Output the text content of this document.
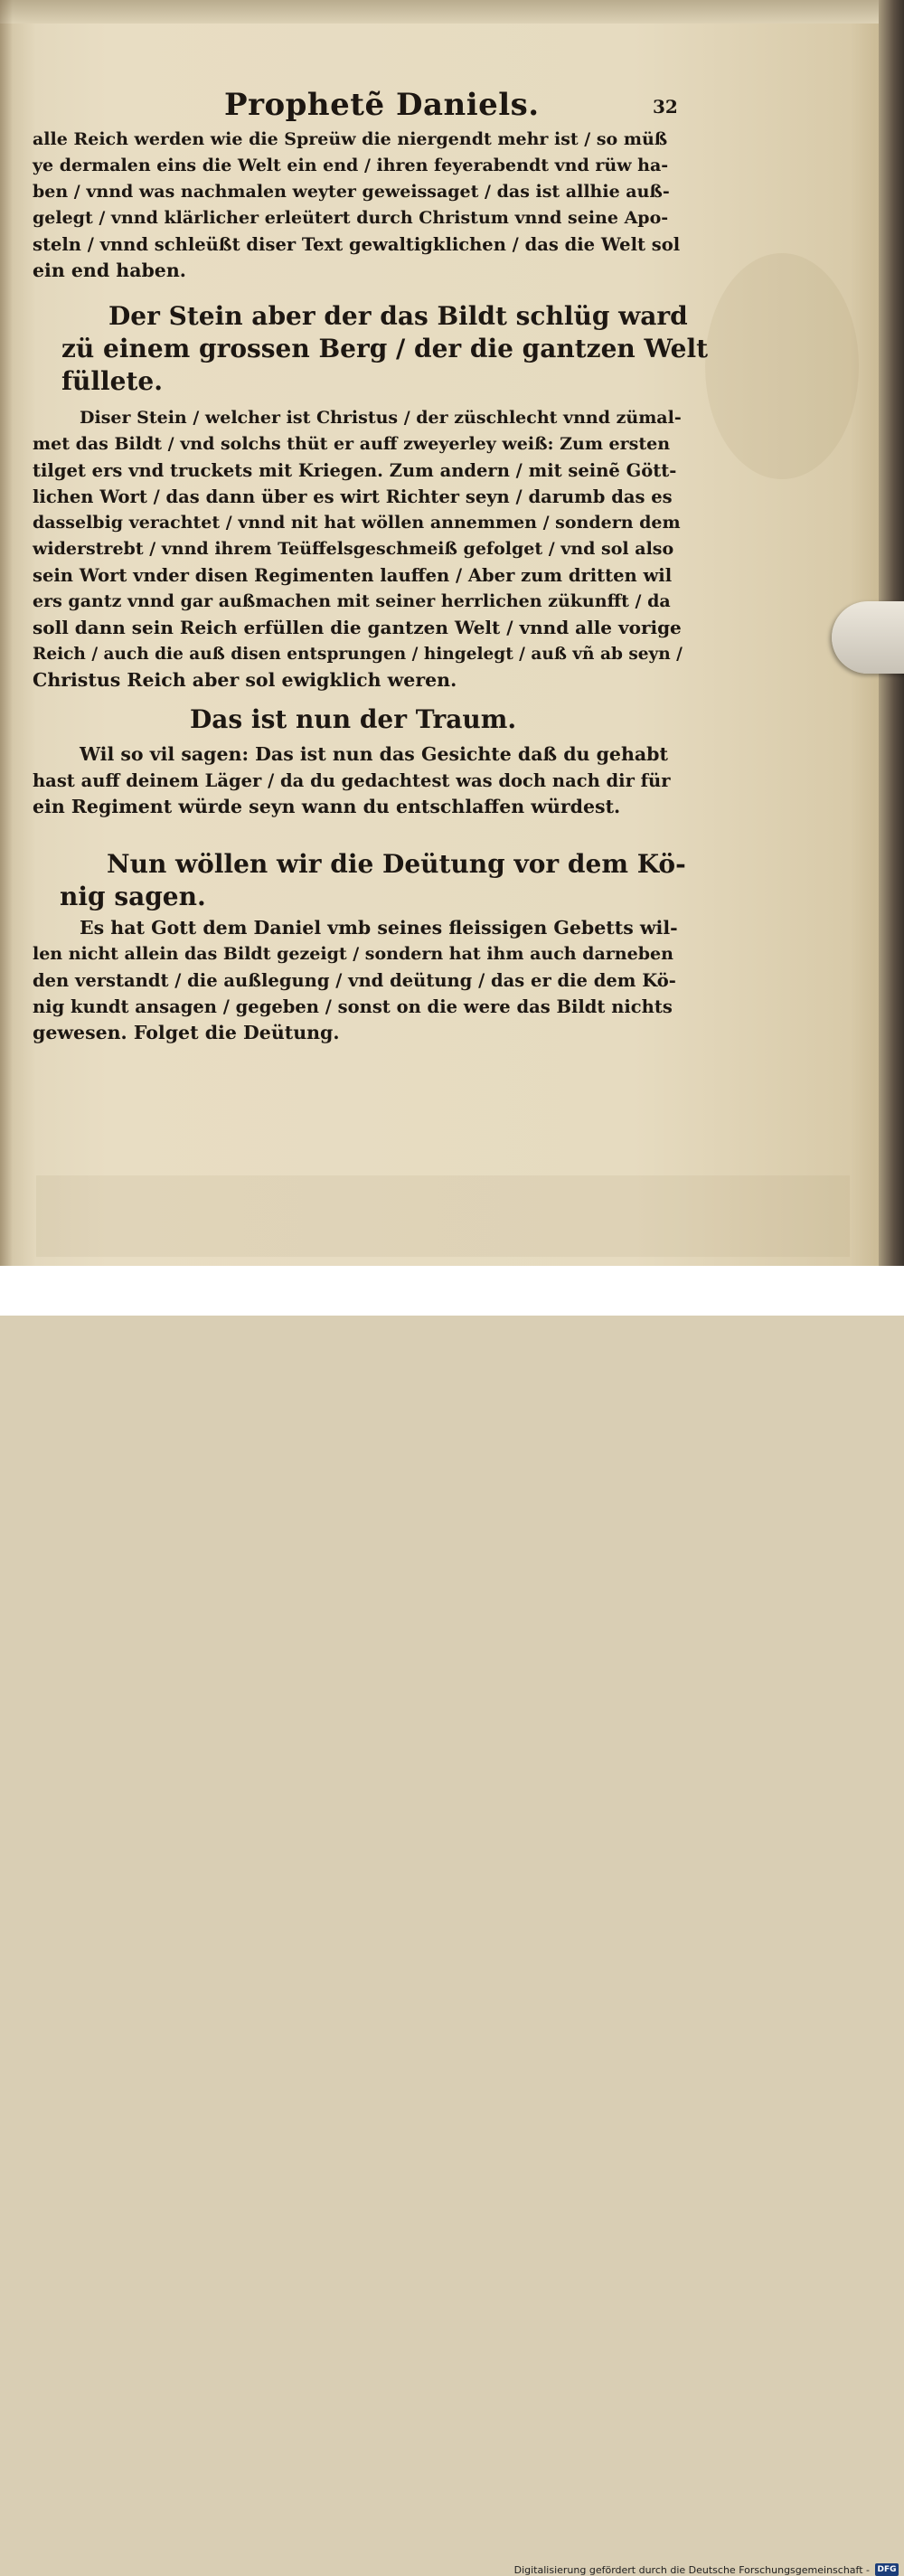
Prophetẽ Daniels.	32
alle Reich werden wie die Spreüw die niergendt mehr ist / so müß
ye dermalen eins die Welt ein end / ihren feyerabendt vnd rüw ha-
ben / vnnd was nachmalen weyter geweissaget / das ist allhie auß-
gelegt / vnnd klärlicher erleütert durch Christum vnnd seine Apo-
steln / vnnd schleüßt diser Text gewaltigklichen / das die Welt sol
ein end haben.
Der Stein aber der das Bildt schlüg ward
zü einem grossen Berg / der die gantzen Welt
füllete.
Diser Stein / welcher ist Christus / der züschlecht vnnd zümal-
met das Bildt / vnd solchs thüt er auff zweyerley weiß: Zum ersten
tilget ers vnd truckets mit Kriegen. Zum andern / mit seinẽ Gött-
lichen Wort / das dann über es wirt Richter seyn / darumb das es
dasselbig verachtet / vnnd nit hat wöllen annemmen / sondern dem
widerstrebt / vnnd ihrem Teüffelsgeschmeiß gefolget / vnd sol also
sein Wort vnder disen Regimenten lauffen / Aber zum dritten wil
ers gantz vnnd gar außmachen mit seiner herrlichen zükunfft / da
soll dann sein Reich erfüllen die gantzen Welt / vnnd alle vorige
Reich / auch die auß disen entsprungen / hingelegt / auß vñ ab seyn /
Christus Reich aber sol ewigklich weren.
Das ist nun der Traum.
Wil so vil sagen: Das ist nun das Gesichte daß du gehabt
hast auff deinem Läger / da du gedachtest was doch nach dir für
ein Regiment würde seyn wann du entschlaffen würdest.
Nun wöllen wir die Deütung vor dem Kö-
nig sagen.
Es hat Gott dem Daniel vmb seines fleissigen Gebetts wil-
len nicht allein das Bildt gezeigt / sondern hat ihm auch darneben
den verstandt / die außlegung / vnd deütung / das er die dem Kö-
nig kundt ansagen / gegeben / sonst on die were das Bildt nichts
gewesen. Folget die Deütung.
Digitalisierung gefördert durch die Deutsche Forschungsgemeinschaft - DFG
